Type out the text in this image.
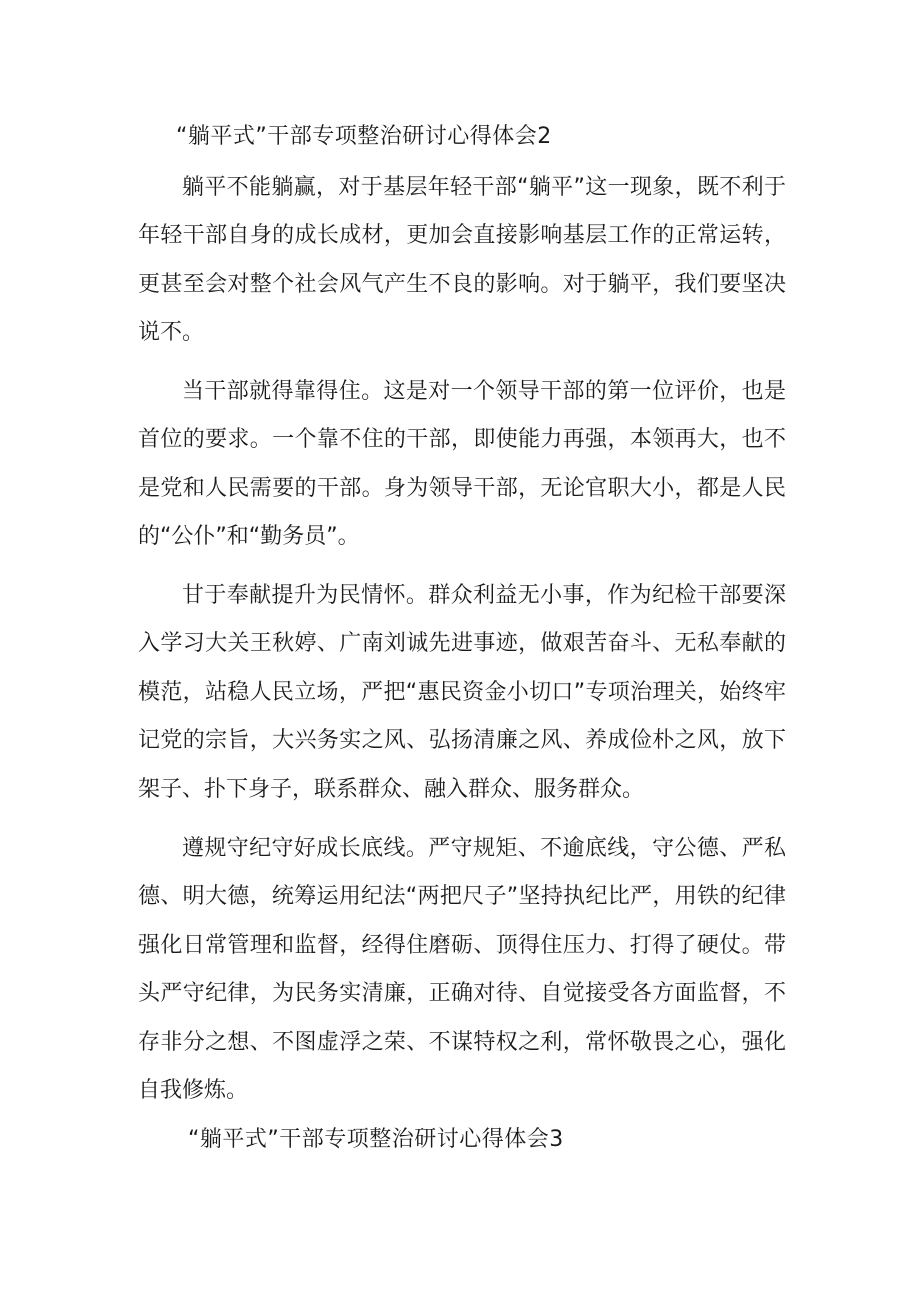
“躺平式”干部专项整治研讨心得体会2

躺平不能躺赢，对于基层年轻干部“躺平”这一现象，既不利于年轻干部自身的成长成材，更加会直接影响基层工作的正常运转，更甚至会对整个社会风气产生不良的影响。对于躺平，我们要坚决说不。

当干部就得靠得住。这是对一个领导干部的第一位评价，也是首位的要求。一个靠不住的干部，即使能力再强，本领再大，也不是党和人民需要的干部。身为领导干部，无论官职大小，都是人民的“公仆”和“勤务员”。

甘于奉献提升为民情怀。群众利益无小事，作为纪检干部要深入学习大关王秋婷、广南刘诚先进事迹，做艰苦奋斗、无私奉献的模范，站稳人民立场，严把“惠民资金小切口”专项治理关，始终牢记党的宗旨，大兴务实之风、弘扬清廉之风、养成俭朴之风，放下架子、扑下身子，联系群众、融入群众、服务群众。

遵规守纪守好成长底线。严守规矩、不逾底线，守公德、严私德、明大德，统筹运用纪法“两把尺子”坚持执纪比严，用铁的纪律强化日常管理和监督，经得住磨砺、顶得住压力、打得了硬仗。带头严守纪律，为民务实清廉，正确对待、自觉接受各方面监督，不存非分之想、不图虚浮之荣、不谋特权之利，常怀敬畏之心，强化自我修炼。

“躺平式”干部专项整治研讨心得体会3
